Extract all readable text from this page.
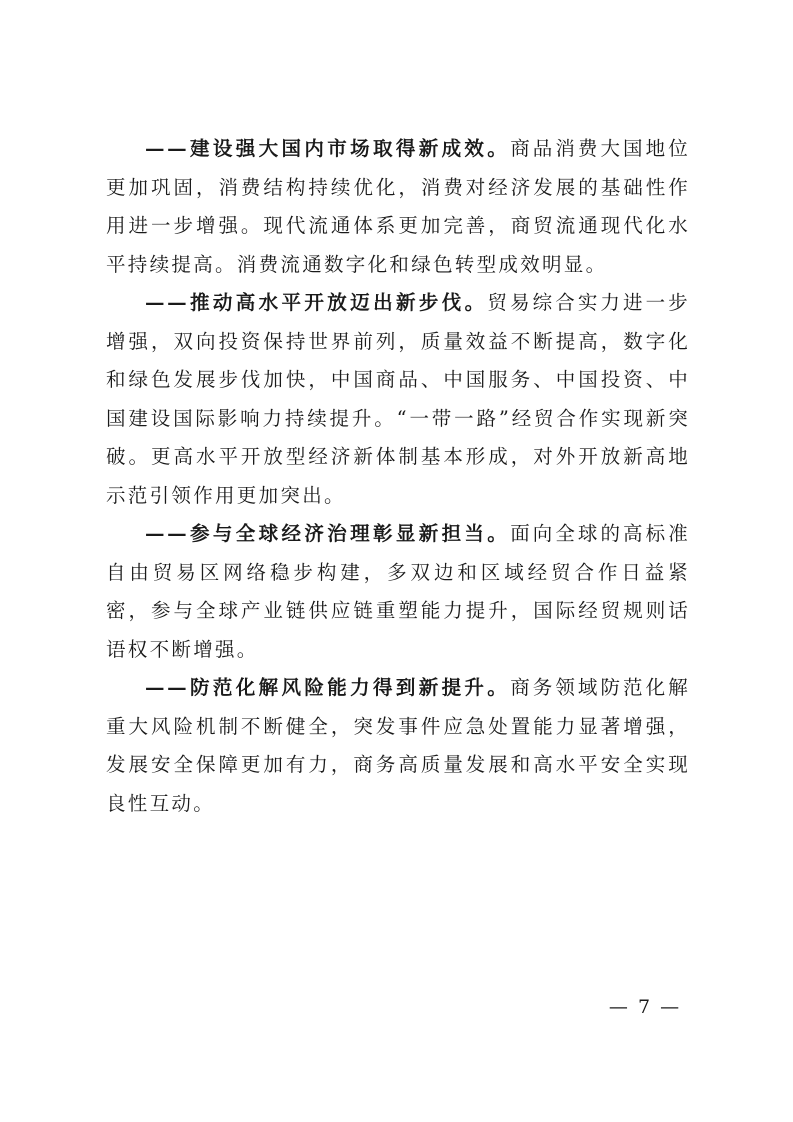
——建设强大国内市场取得新成效。商品消费大国地位更加巩固，消费结构持续优化，消费对经济发展的基础性作用进一步增强。现代流通体系更加完善，商贸流通现代化水平持续提高。消费流通数字化和绿色转型成效明显。

——推动高水平开放迈出新步伐。贸易综合实力进一步增强，双向投资保持世界前列，质量效益不断提高，数字化和绿色发展步伐加快，中国商品、中国服务、中国投资、中国建设国际影响力持续提升。“一带一路”经贸合作实现新突破。更高水平开放型经济新体制基本形成，对外开放新高地示范引领作用更加突出。

——参与全球经济治理彰显新担当。面向全球的高标准自由贸易区网络稳步构建，多双边和区域经贸合作日益紧密，参与全球产业链供应链重塑能力提升，国际经贸规则话语权不断增强。

——防范化解风险能力得到新提升。商务领域防范化解重大风险机制不断健全，突发事件应急处置能力显著增强，发展安全保障更加有力，商务高质量发展和高水平安全实现良性互动。

— 7 —
